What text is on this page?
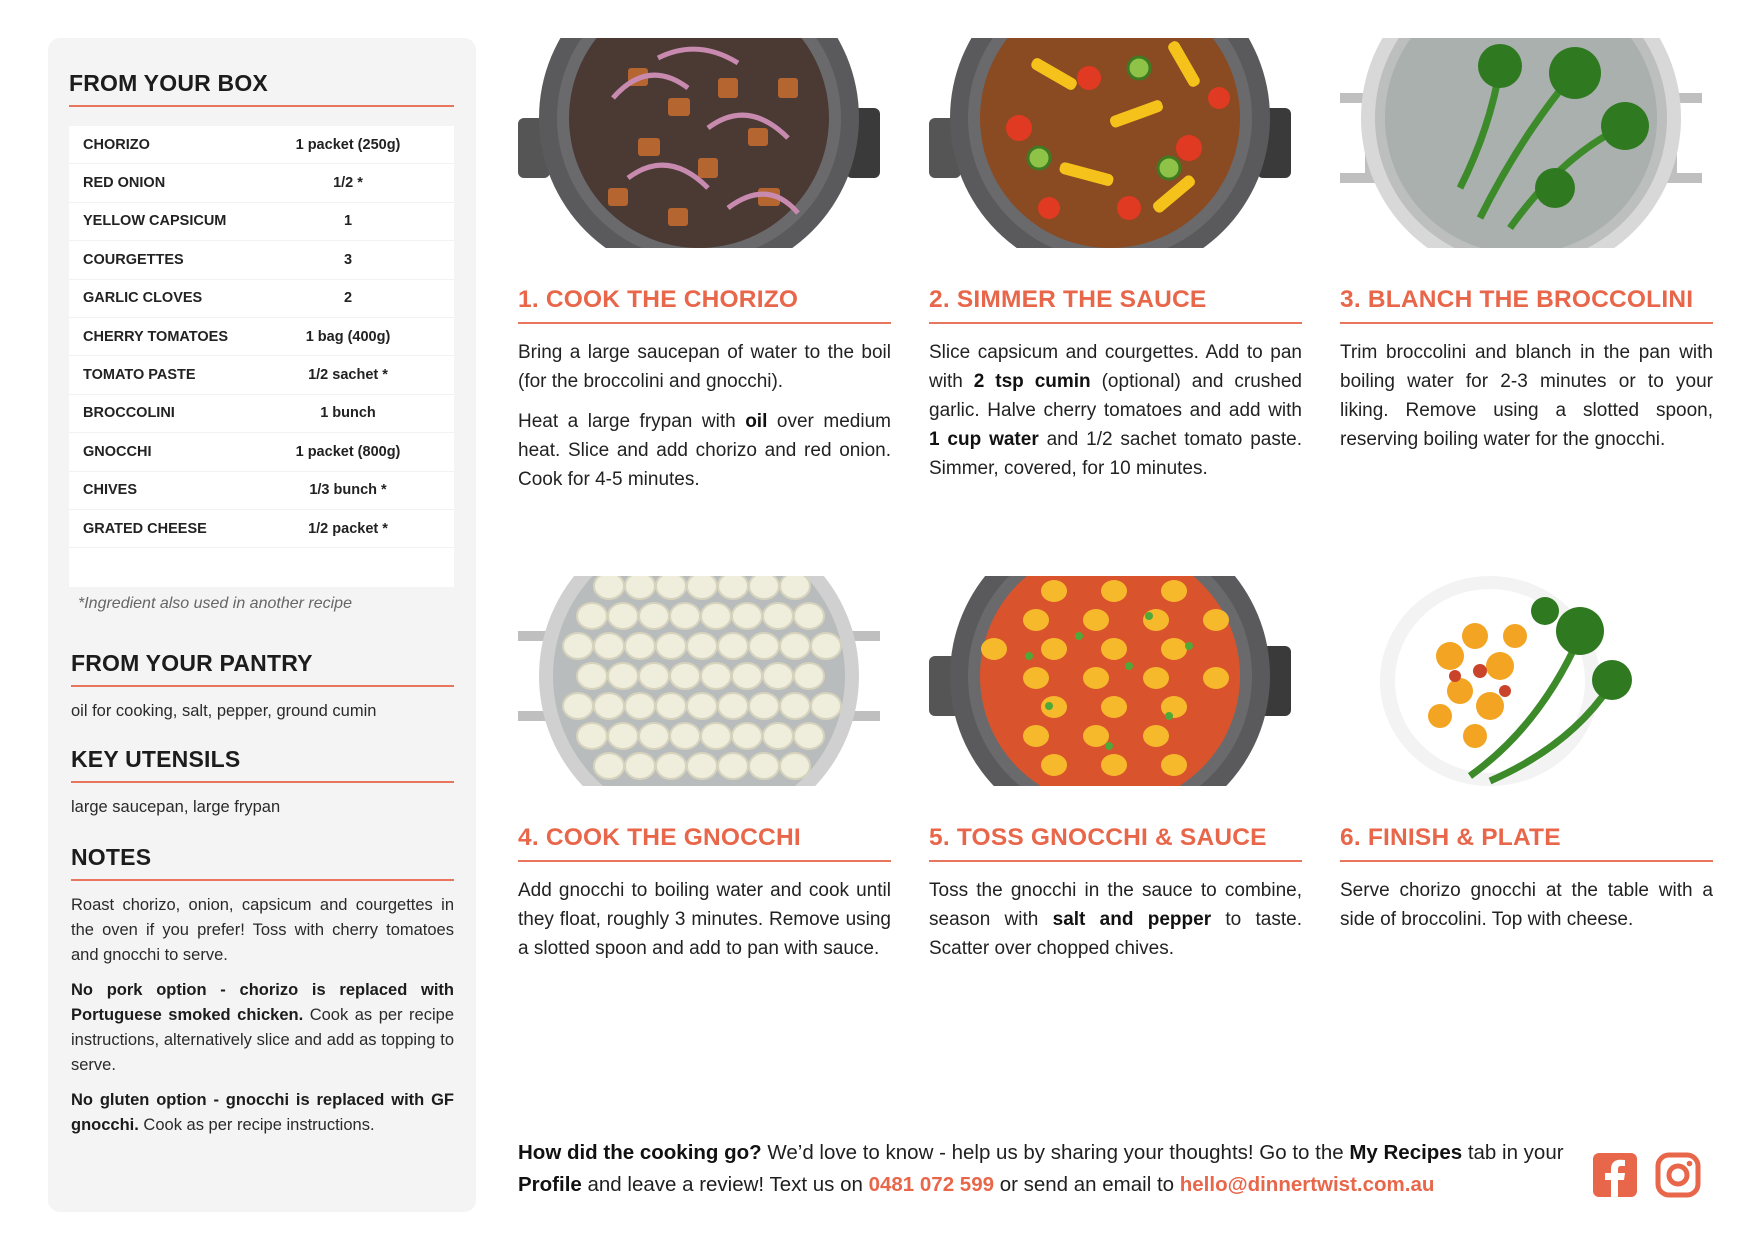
FROM YOUR BOX
CHORIZO	1 packet (250g)
RED ONION	1/2 *
YELLOW CAPSICUM	1
COURGETTES	3
GARLIC CLOVES	2
CHERRY TOMATOES	1 bag (400g)
TOMATO PASTE	1/2 sachet *
BROCCOLINI	1 bunch
GNOCCHI	1 packet (800g)
CHIVES	1/3 bunch *
GRATED CHEESE	1/2 packet *
*Ingredient also used in another recipe
FROM YOUR PANTRY
oil for cooking, salt, pepper, ground cumin
KEY UTENSILS
large saucepan, large frypan
NOTES

Roast chorizo, onion, capsicum and courgettes in the oven if you prefer! Toss with cherry tomatoes and gnocchi to serve.

No pork option - chorizo is replaced with Portuguese smoked chicken. Cook as per recipe instructions, alternatively slice and add as topping to serve.

No gluten option - gnocchi is replaced with GF gnocchi. Cook as per recipe instructions.

1. COOK THE CHORIZO

Bring a large saucepan of water to the boil (for the broccolini and gnocchi).

Heat a large frypan with oil over medium heat. Slice and add chorizo and red onion. Cook for 4-5 minutes.

2. SIMMER THE SAUCE

Slice capsicum and courgettes. Add to pan with 2 tsp cumin (optional) and crushed garlic. Halve cherry tomatoes and add with 1 cup water and 1/2 sachet tomato paste. Simmer, covered, for 10 minutes.

3. BLANCH THE BROCCOLINI

Trim broccolini and blanch in the pan with boiling water for 2-3 minutes or to your liking. Remove using a slotted spoon, reserving boiling water for the gnocchi.

4. COOK THE GNOCCHI

Add gnocchi to boiling water and cook until they float, roughly 3 minutes. Remove using a slotted spoon and add to pan with sauce.

5. TOSS GNOCCHI & SAUCE

Toss the gnocchi in the sauce to combine, season with salt and pepper to taste. Scatter over chopped chives.

6. FINISH & PLATE

Serve chorizo gnocchi at the table with a side of broccolini. Top with cheese.

How did the cooking go? We’d love to know - help us by sharing your thoughts! Go to the My Recipes tab in your Profile and leave a review! Text us on 0481 072 599 or send an email to hello@dinnertwist.com.au
